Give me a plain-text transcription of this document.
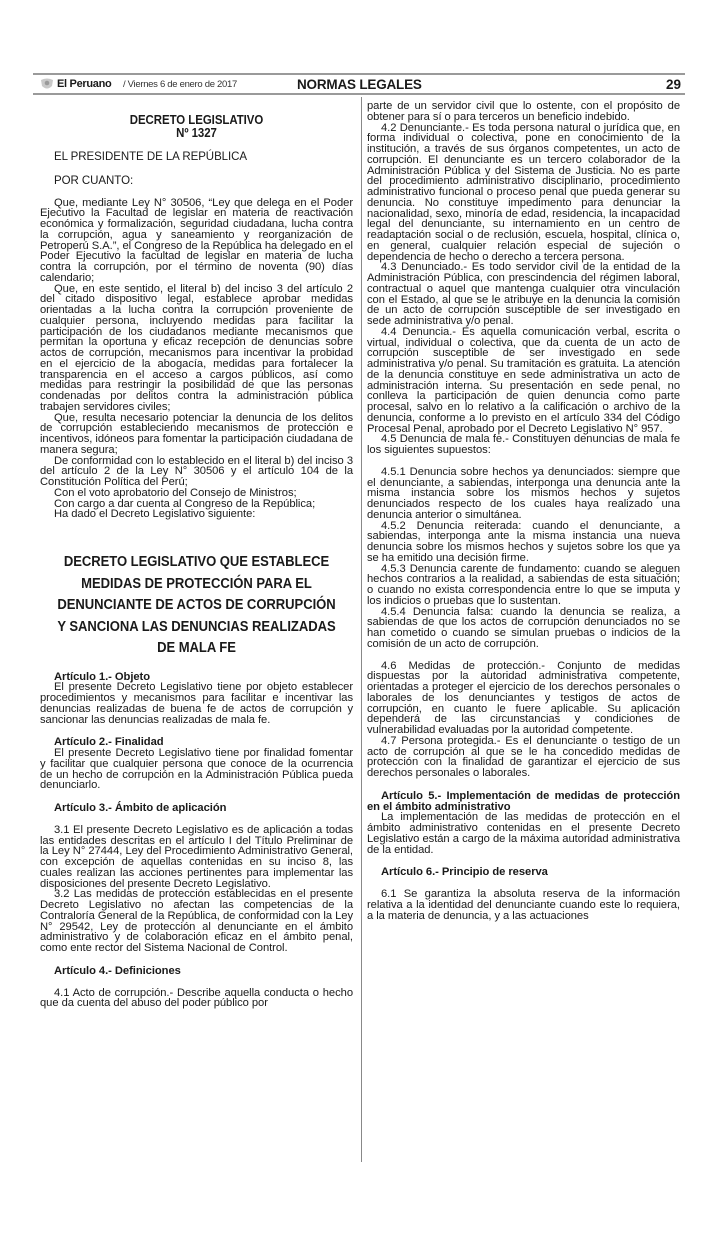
El Peruano / Viernes 6 de enero de 2017	NORMAS LEGALES	29

DECRETO LEGISLATIVO

Nº 1327

EL PRESIDENTE DE LA REPÚBLICA

POR CUANTO:

Que, mediante Ley N° 30506, “Ley que delega en el Poder Ejecutivo la Facultad de legislar en materia de reactivación económica y formalización, seguridad ciudadana, lucha contra la corrupción, agua y saneamiento y reorganización de Petroperú S.A.”, el Congreso de la República ha delegado en el Poder Ejecutivo la facultad de legislar en materia de lucha contra la corrupción, por el término de noventa (90) días calendario;

Que, en este sentido, el literal b) del inciso 3 del artículo 2 del citado dispositivo legal, establece aprobar medidas orientadas a la lucha contra la corrupción proveniente de cualquier persona, incluyendo medidas para facilitar la participación de los ciudadanos mediante mecanismos que permitan la oportuna y eficaz recepción de denuncias sobre actos de corrupción, mecanismos para incentivar la probidad en el ejercicio de la abogacía, medidas para fortalecer la transparencia en el acceso a cargos públicos, así como medidas para restringir la posibilidad de que las personas condenadas por delitos contra la administración pública trabajen servidores civiles;

Que, resulta necesario potenciar la denuncia de los delitos de corrupción estableciendo mecanismos de protección e incentivos, idóneos para fomentar la participación ciudadana de manera segura;

De conformidad con lo establecido en el literal b) del inciso 3 del artículo 2 de la Ley N° 30506 y el artículo 104 de la Constitución Política del Perú;

Con el voto aprobatorio del Consejo de Ministros;

Con cargo a dar cuenta al Congreso de la República;

Ha dado el Decreto Legislativo siguiente:

DECRETO LEGISLATIVO QUE ESTABLECE MEDIDAS DE PROTECCIÓN PARA EL DENUNCIANTE DE ACTOS DE CORRUPCIÓN Y SANCIONA LAS DENUNCIAS REALIZADAS DE MALA FE

Artículo 1.- Objeto

El presente Decreto Legislativo tiene por objeto establecer procedimientos y mecanismos para facilitar e incentivar las denuncias realizadas de buena fe de actos de corrupción y sancionar las denuncias realizadas de mala fe.

Artículo 2.- Finalidad

El presente Decreto Legislativo tiene por finalidad fomentar y facilitar que cualquier persona que conoce de la ocurrencia de un hecho de corrupción en la Administración Pública pueda denunciarlo.

Artículo 3.- Ámbito de aplicación

3.1 El presente Decreto Legislativo es de aplicación a todas las entidades descritas en el artículo I del Título Preliminar de la Ley N° 27444, Ley del Procedimiento Administrativo General, con excepción de aquellas contenidas en su inciso 8, las cuales realizan las acciones pertinentes para implementar las disposiciones del presente Decreto Legislativo.

3.2 Las medidas de protección establecidas en el presente Decreto Legislativo no afectan las competencias de la Contraloría General de la República, de conformidad con la Ley N° 29542, Ley de protección al denunciante en el ámbito administrativo y de colaboración eficaz en el ámbito penal, como ente rector del Sistema Nacional de Control.

Artículo 4.- Definiciones

4.1 Acto de corrupción.- Describe aquella conducta o hecho que da cuenta del abuso del poder público por

parte de un servidor civil que lo ostente, con el propósito de obtener para sí o para terceros un beneficio indebido.

4.2 Denunciante.- Es toda persona natural o jurídica que, en forma individual o colectiva, pone en conocimiento de la institución, a través de sus órganos competentes, un acto de corrupción. El denunciante es un tercero colaborador de la Administración Pública y del Sistema de Justicia. No es parte del procedimiento administrativo disciplinario, procedimiento administrativo funcional o proceso penal que pueda generar su denuncia. No constituye impedimento para denunciar la nacionalidad, sexo, minoría de edad, residencia, la incapacidad legal del denunciante, su internamiento en un centro de readaptación social o de reclusión, escuela, hospital, clínica o, en general, cualquier relación especial de sujeción o dependencia de hecho o derecho a tercera persona.

4.3 Denunciado.- Es todo servidor civil de la entidad de la Administración Pública, con prescindencia del régimen laboral, contractual o aquel que mantenga cualquier otra vinculación con el Estado, al que se le atribuye en la denuncia la comisión de un acto de corrupción susceptible de ser investigado en sede administrativa y/o penal.

4.4 Denuncia.- Es aquella comunicación verbal, escrita o virtual, individual o colectiva, que da cuenta de un acto de corrupción susceptible de ser investigado en sede administrativa y/o penal. Su tramitación es gratuita. La atención de la denuncia constituye en sede administrativa un acto de administración interna. Su presentación en sede penal, no conlleva la participación de quien denuncia como parte procesal, salvo en lo relativo a la calificación o archivo de la denuncia, conforme a lo previsto en el artículo 334 del Código Procesal Penal, aprobado por el Decreto Legislativo N° 957.

4.5 Denuncia de mala fe.- Constituyen denuncias de mala fe los siguientes supuestos:

4.5.1 Denuncia sobre hechos ya denunciados: siempre que el denunciante, a sabiendas, interponga una denuncia ante la misma instancia sobre los mismos hechos y sujetos denunciados respecto de los cuales haya realizado una denuncia anterior o simultánea.

4.5.2 Denuncia reiterada: cuando el denunciante, a sabiendas, interponga ante la misma instancia una nueva denuncia sobre los mismos hechos y sujetos sobre los que ya se ha emitido una decisión firme.

4.5.3 Denuncia carente de fundamento: cuando se aleguen hechos contrarios a la realidad, a sabiendas de esta situación; o cuando no exista correspondencia entre lo que se imputa y los indicios o pruebas que lo sustentan.

4.5.4 Denuncia falsa: cuando la denuncia se realiza, a sabiendas de que los actos de corrupción denunciados no se han cometido o cuando se simulan pruebas o indicios de la comisión de un acto de corrupción.

4.6 Medidas de protección.- Conjunto de medidas dispuestas por la autoridad administrativa competente, orientadas a proteger el ejercicio de los derechos personales o laborales de los denunciantes y testigos de actos de corrupción, en cuanto le fuere aplicable. Su aplicación dependerá de las circunstancias y condiciones de vulnerabilidad evaluadas por la autoridad competente.

4.7 Persona protegida.- Es el denunciante o testigo de un acto de corrupción al que se le ha concedido medidas de protección con la finalidad de garantizar el ejercicio de sus derechos personales o laborales.

Artículo 5.- Implementación de medidas de protección en el ámbito administrativo

La implementación de las medidas de protección en el ámbito administrativo contenidas en el presente Decreto Legislativo están a cargo de la máxima autoridad administrativa de la entidad.

Artículo 6.- Principio de reserva

6.1 Se garantiza la absoluta reserva de la información relativa a la identidad del denunciante cuando este lo requiera, a la materia de denuncia, y a las actuaciones
